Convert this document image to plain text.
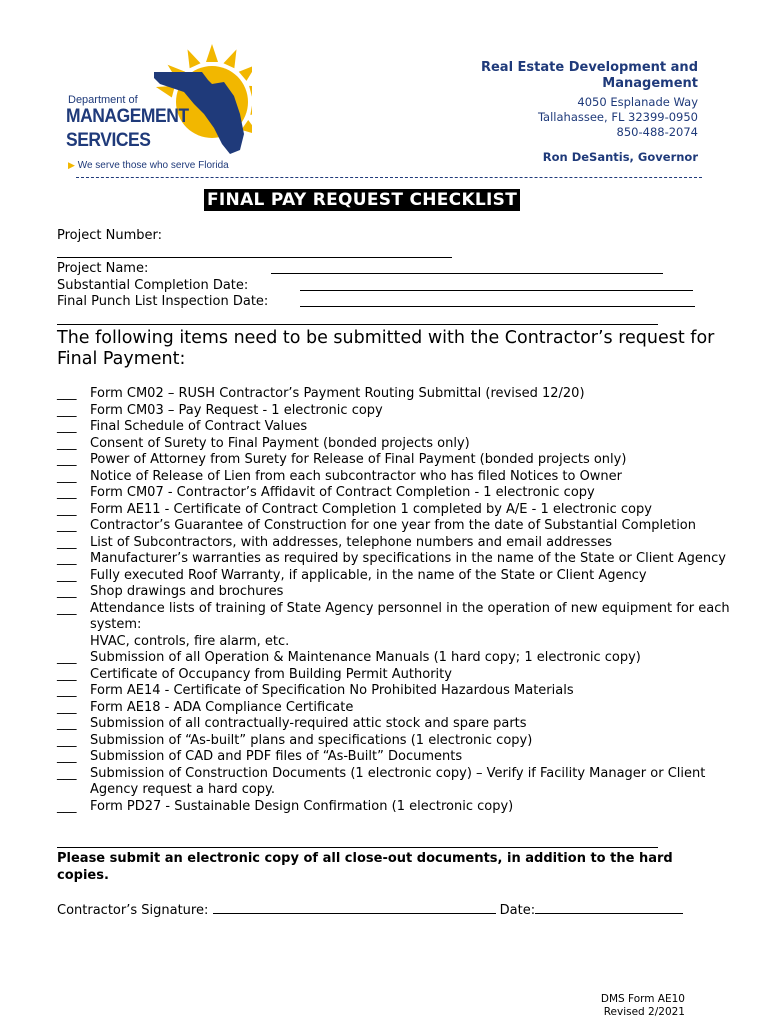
Department of
MANAGEMENT
SERVICES
▶ We serve those who serve Florida
Real Estate Development and Management
4050 Esplanade Way
Tallahassee, FL 32399-0950
850-488-2074
Ron DeSantis, Governor
FINAL PAY REQUEST CHECKLIST
Project Number:
Project Name:
Substantial Completion Date:
Final Punch List Inspection Date:
The following items need to be submitted with the Contractor’s request for Final Payment:
___ Form CM02 – RUSH Contractor’s Payment Routing Submittal (revised 12/20)
___ Form CM03 – Pay Request - 1 electronic copy
___ Final Schedule of Contract Values
___ Consent of Surety to Final Payment (bonded projects only)
___ Power of Attorney from Surety for Release of Final Payment (bonded projects only)
___ Notice of Release of Lien from each subcontractor who has filed Notices to Owner
___ Form CM07 - Contractor’s Affidavit of Contract Completion - 1 electronic copy
___ Form AE11 - Certificate of Contract Completion 1 completed by A/E - 1 electronic copy
___ Contractor’s Guarantee of Construction for one year from the date of Substantial Completion
___ List of Subcontractors, with addresses, telephone numbers and email addresses
___ Manufacturer’s warranties as required by specifications in the name of the State or Client Agency
___ Fully executed Roof Warranty, if applicable, in the name of the State or Client Agency
___ Shop drawings and brochures
___ Attendance lists of training of State Agency personnel in the operation of new equipment for each system:
HVAC, controls, fire alarm, etc.
___ Submission of all Operation & Maintenance Manuals (1 hard copy; 1 electronic copy)
___ Certificate of Occupancy from Building Permit Authority
___ Form AE14 - Certificate of Specification No Prohibited Hazardous Materials
___ Form AE18 - ADA Compliance Certificate
___ Submission of all contractually-required attic stock and spare parts
___ Submission of “As-built” plans and specifications (1 electronic copy)
___ Submission of CAD and PDF files of “As-Built” Documents
___ Submission of Construction Documents (1 electronic copy) – Verify if Facility Manager or Client Agency request a hard copy.
___ Form PD27 - Sustainable Design Confirmation (1 electronic copy)
Please submit an electronic copy of all close-out documents, in addition to the hard copies.
Contractor’s Signature:	Date:
DMS Form AE10
Revised 2/2021
